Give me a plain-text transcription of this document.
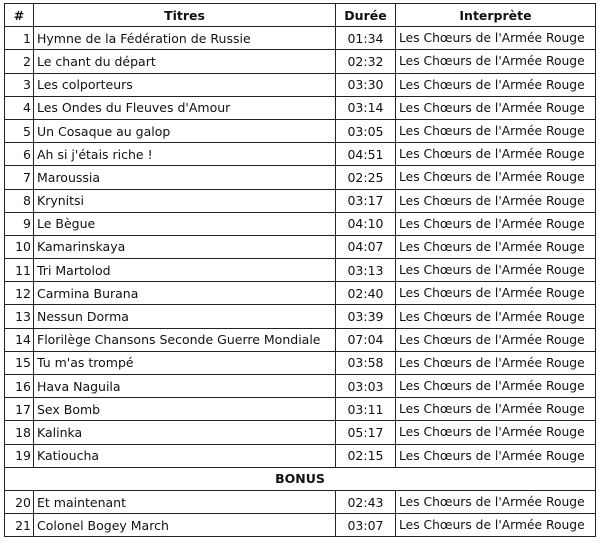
#	Titres	Durée	Interprète
1	Hymne de la Fédération de Russie	01:34	Les Chœurs de l'Armée Rouge
2	Le chant du départ	02:32	Les Chœurs de l'Armée Rouge
3	Les colporteurs	03:30	Les Chœurs de l'Armée Rouge
4	Les Ondes du Fleuves d'Amour	03:14	Les Chœurs de l'Armée Rouge
5	Un Cosaque au galop	03:05	Les Chœurs de l'Armée Rouge
6	Ah si j'étais riche !	04:51	Les Chœurs de l'Armée Rouge
7	Maroussia	02:25	Les Chœurs de l'Armée Rouge
8	Krynitsi	03:17	Les Chœurs de l'Armée Rouge
9	Le Bègue	04:10	Les Chœurs de l'Armée Rouge
10	Kamarinskaya	04:07	Les Chœurs de l'Armée Rouge
11	Tri Martolod	03:13	Les Chœurs de l'Armée Rouge
12	Carmina Burana	02:40	Les Chœurs de l'Armée Rouge
13	Nessun Dorma	03:39	Les Chœurs de l'Armée Rouge
14	Florilège Chansons Seconde Guerre Mondiale	07:04	Les Chœurs de l'Armée Rouge
15	Tu m'as trompé	03:58	Les Chœurs de l'Armée Rouge
16	Hava Naguila	03:03	Les Chœurs de l'Armée Rouge
17	Sex Bomb	03:11	Les Chœurs de l'Armée Rouge
18	Kalinka	05:17	Les Chœurs de l'Armée Rouge
19	Katioucha	02:15	Les Chœurs de l'Armée Rouge
BONUS			
20	Et maintenant	02:43	Les Chœurs de l'Armée Rouge
21	Colonel Bogey March	03:07	Les Chœurs de l'Armée Rouge
